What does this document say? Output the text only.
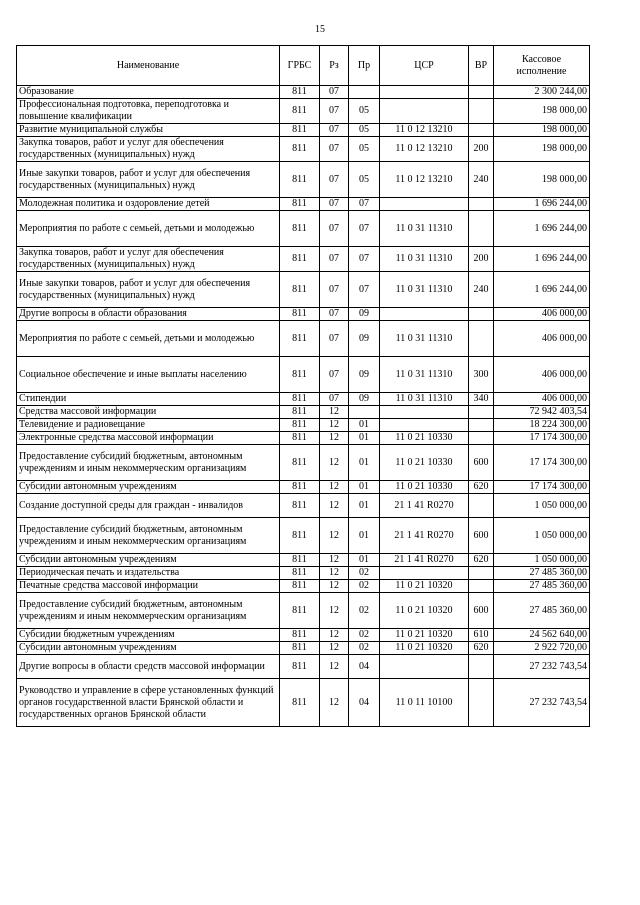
15
Наименование	ГРБС	Рз	Пр	ЦСР	ВР	Кассовое исполнение
Образование	811	07				2 300 244,00
Профессиональная подготовка, переподготовка и повышение квалификации	811	07	05			198 000,00
Развитие муниципальной службы	811	07	05	11 0 12 13210		198 000,00
Закупка товаров, работ и услуг для обеспечения государственных (муниципальных) нужд	811	07	05	11 0 12 13210	200	198 000,00
Иные закупки товаров, работ и услуг для обеспечения государственных (муниципальных) нужд	811	07	05	11 0 12 13210	240	198 000,00
Молодежная политика и оздоровление детей	811	07	07			1 696 244,00
Мероприятия по работе с семьей, детьми и молодежью	811	07	07	11 0 31 11310		1 696 244,00
Закупка товаров, работ и услуг для обеспечения государственных (муниципальных) нужд	811	07	07	11 0 31 11310	200	1 696 244,00
Иные закупки товаров, работ и услуг для обеспечения государственных (муниципальных) нужд	811	07	07	11 0 31 11310	240	1 696 244,00
Другие вопросы в области образования	811	07	09			406 000,00
Мероприятия по работе с семьей, детьми и молодежью	811	07	09	11 0 31 11310		406 000,00
Социальное обеспечение и иные выплаты населению	811	07	09	11 0 31 11310	300	406 000,00
Стипендии	811	07	09	11 0 31 11310	340	406 000,00
Средства массовой информации	811	12				72 942 403,54
Телевидение и радиовещание	811	12	01			18 224 300,00
Электронные средства массовой информации	811	12	01	11 0 21 10330		17 174 300,00
Предоставление субсидий бюджетным, автономным учреждениям и иным некоммерческим организациям	811	12	01	11 0 21 10330	600	17 174 300,00
Субсидии автономным учреждениям	811	12	01	11 0 21 10330	620	17 174 300,00
Создание доступной среды для граждан - инвалидов	811	12	01	21 1 41 R0270		1 050 000,00
Предоставление субсидий бюджетным, автономным учреждениям и иным некоммерческим организациям	811	12	01	21 1 41 R0270	600	1 050 000,00
Субсидии автономным учреждениям	811	12	01	21 1 41 R0270	620	1 050 000,00
Периодическая печать и издательства	811	12	02			27 485 360,00
Печатные средства массовой информации	811	12	02	11 0 21 10320		27 485 360,00
Предоставление субсидий бюджетным, автономным учреждениям и иным некоммерческим организациям	811	12	02	11 0 21 10320	600	27 485 360,00
Субсидии бюджетным учреждениям	811	12	02	11 0 21 10320	610	24 562 640,00
Субсидии автономным учреждениям	811	12	02	11 0 21 10320	620	2 922 720,00
Другие вопросы в области средств массовой информации	811	12	04			27 232 743,54
Руководство и управление в сфере установленных функций органов государственной власти Брянской области и государственных органов Брянской области	811	12	04	11 0 11 10100		27 232 743,54
